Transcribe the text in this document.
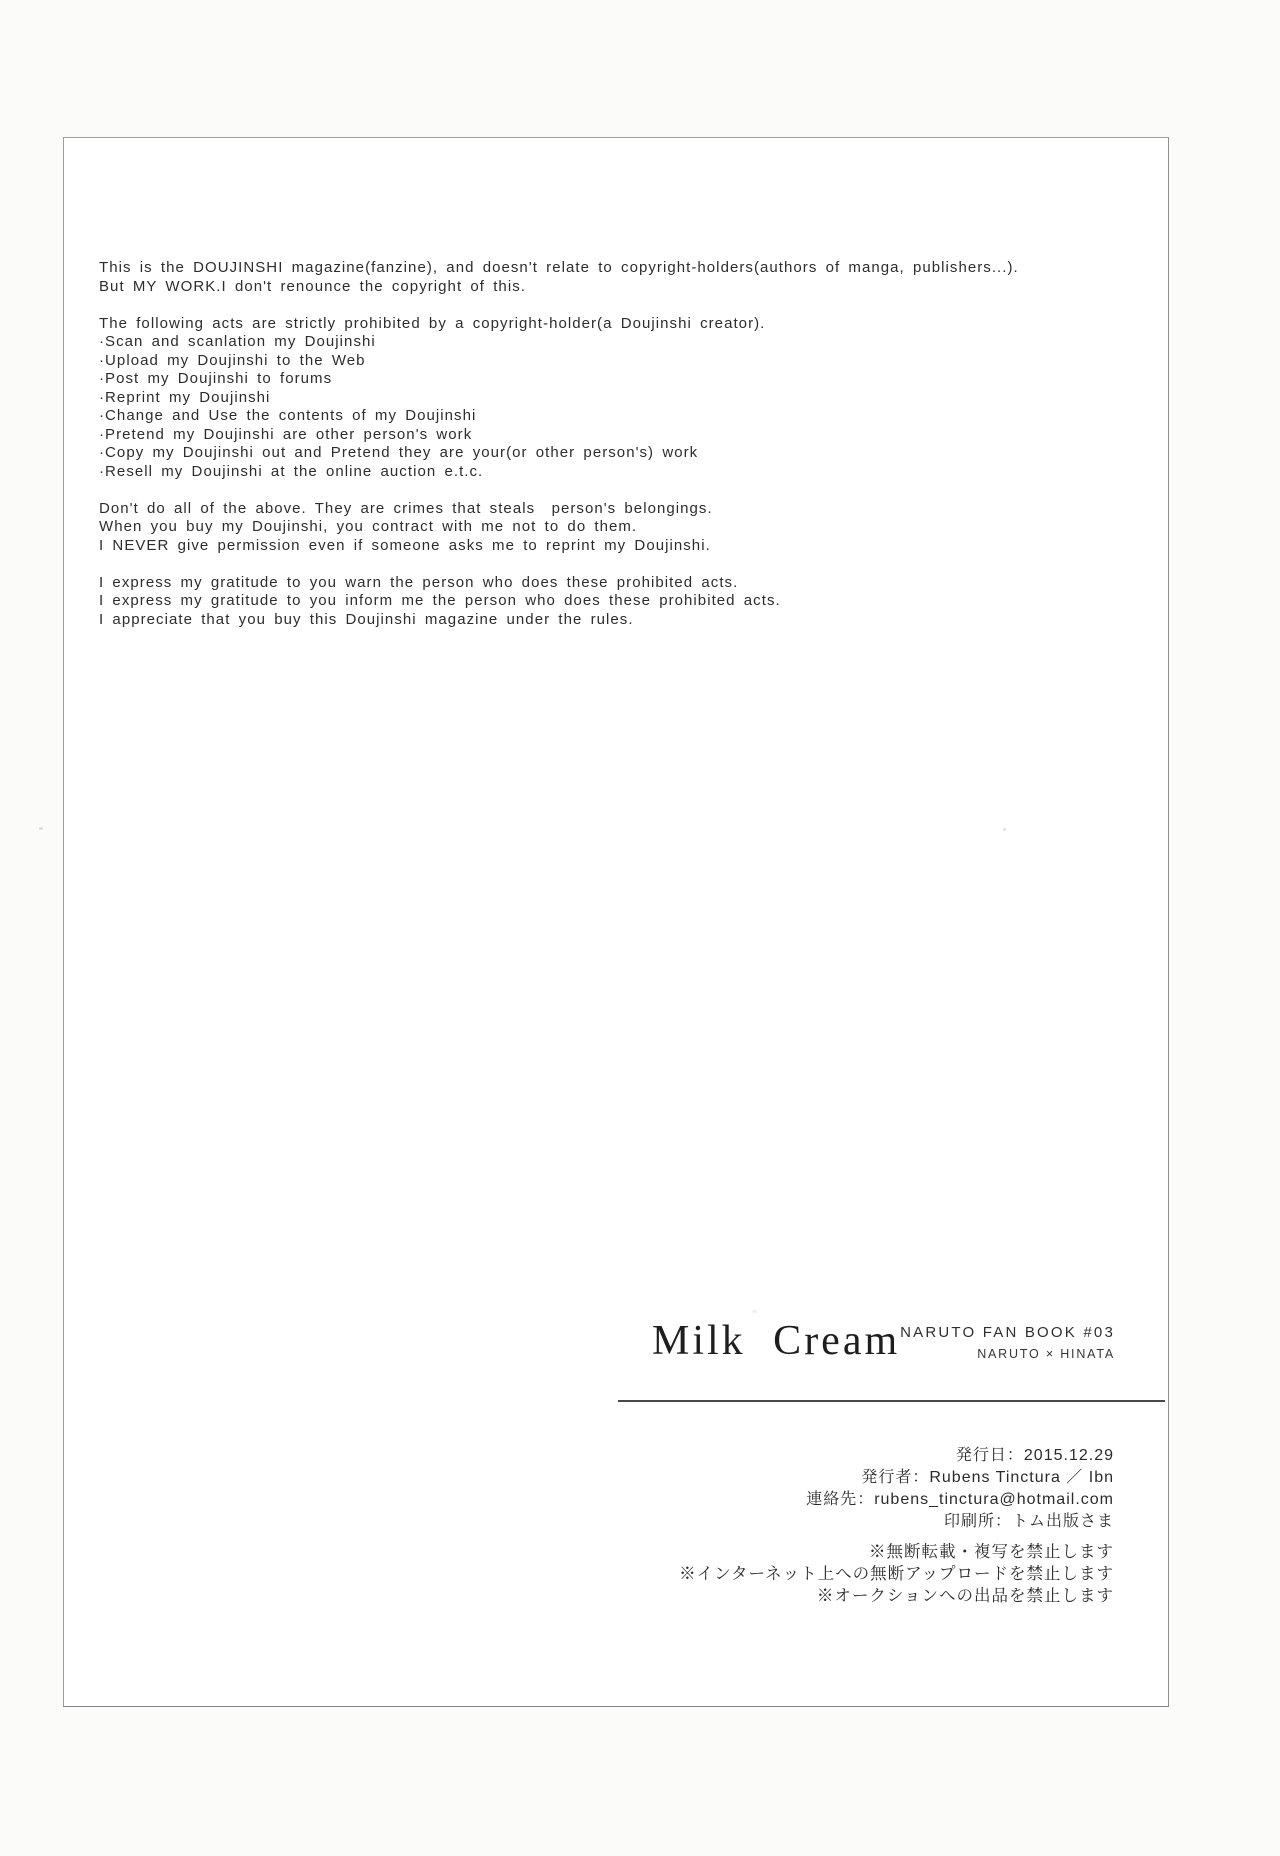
This is the DOUJINSHI magazine(fanzine), and doesn't relate to copyright-holders(authors of manga, publishers...).
But MY WORK.I don't renounce the copyright of this.
The following acts are strictly prohibited by a copyright-holder(a Doujinshi creator).
·Scan and scanlation my Doujinshi
·Upload my Doujinshi to the Web
·Post my Doujinshi to forums
·Reprint my Doujinshi
·Change and Use the contents of my Doujinshi
·Pretend my Doujinshi are other person's work
·Copy my Doujinshi out and Pretend they are your(or other person's) work
·Resell my Doujinshi at the online auction e.t.c.
Don't do all of the above. They are crimes that steals  person's belongings.
When you buy my Doujinshi, you contract with me not to do them.
I NEVER give permission even if someone asks me to reprint my Doujinshi.
I express my gratitude to you warn the person who does these prohibited acts.
I express my gratitude to you inform me the person who does these prohibited acts.
I appreciate that you buy this Doujinshi magazine under the rules.
Milk Cream NARUTO FAN BOOK #03
NARUTO × HINATA
発行日：2015.12.29
発行者：Rubens Tinctura ／ Ibn
連絡先：rubens_tinctura@hotmail.com
印刷所：トム出版さま
※無断転載・複写を禁止します
※インターネット上への無断アップロードを禁止します
※オークションへの出品を禁止します
